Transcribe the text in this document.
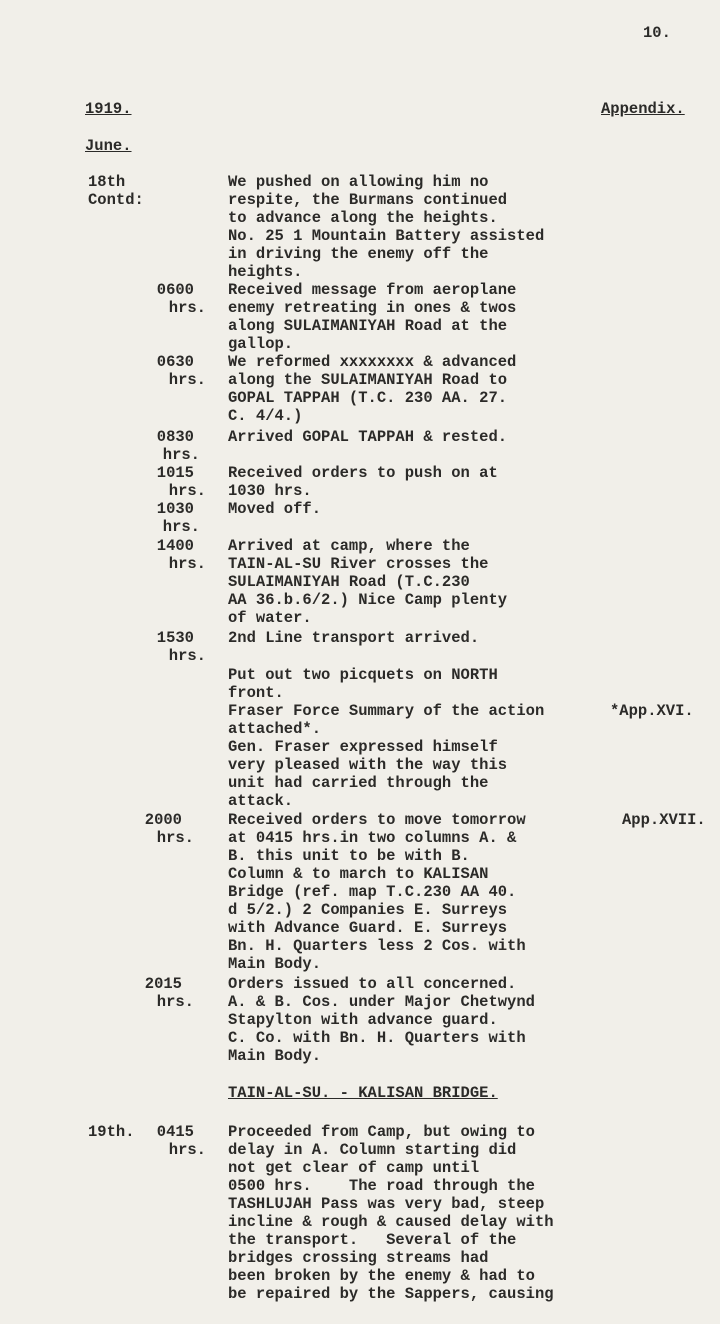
10.
1919.	Appendix.
June.
18th
Contd:
0600
hrs.
0630
hrs.
0830
hrs.
1015
hrs.
1030
hrs.
1400
hrs.
1530
hrs.
2000
hrs.
2015
hrs.
19th.	0415
hrs.
We pushed on allowing him no
respite, the Burmans continued
to advance along the heights.
No. 25 1 Mountain Battery assisted
in driving the enemy off the
heights.
Received message from aeroplane
enemy retreating in ones & twos
along SULAIMANIYAH Road at the
gallop.
We reformed xxxxxxxx & advanced
along the SULAIMANIYAH Road to
GOPAL TAPPAH (T.C. 230 AA. 27.
C. 4/4.)
Arrived GOPAL TAPPAH & rested.
Received orders to push on at
1030 hrs.
Moved off.
Arrived at camp, where the
TAIN-AL-SU River crosses the
SULAIMANIYAH Road (T.C.230
AA 36.b.6/2.) Nice Camp plenty
of water.
2nd Line transport arrived.
Put out two picquets on NORTH
front.
Fraser Force Summary of the action
attached*.
Gen. Fraser expressed himself
very pleased with the way this
unit had carried through the
attack.
Received orders to move tomorrow
at 0415 hrs.in two columns A. &
B. this unit to be with B.
Column & to march to KALISAN
Bridge (ref. map T.C.230 AA 40.
d 5/2.) 2 Companies E. Surreys
with Advance Guard. E. Surreys
Bn. H. Quarters less 2 Cos. with
Main Body.
Orders issued to all concerned.
A. & B. Cos. under Major Chetwynd
Stapylton with advance guard.
C. Co. with Bn. H. Quarters with
Main Body.
TAIN-AL-SU. - KALISAN BRIDGE.
Proceeded from Camp, but owing to
delay in A. Column starting did
not get clear of camp until
0500 hrs.    The road through the
TASHLUJAH Pass was very bad, steep
incline & rough & caused delay with
the transport.   Several of the
bridges crossing streams had
been broken by the enemy & had to
be repaired by the Sappers, causing
*App.XVI.
App.XVII.
